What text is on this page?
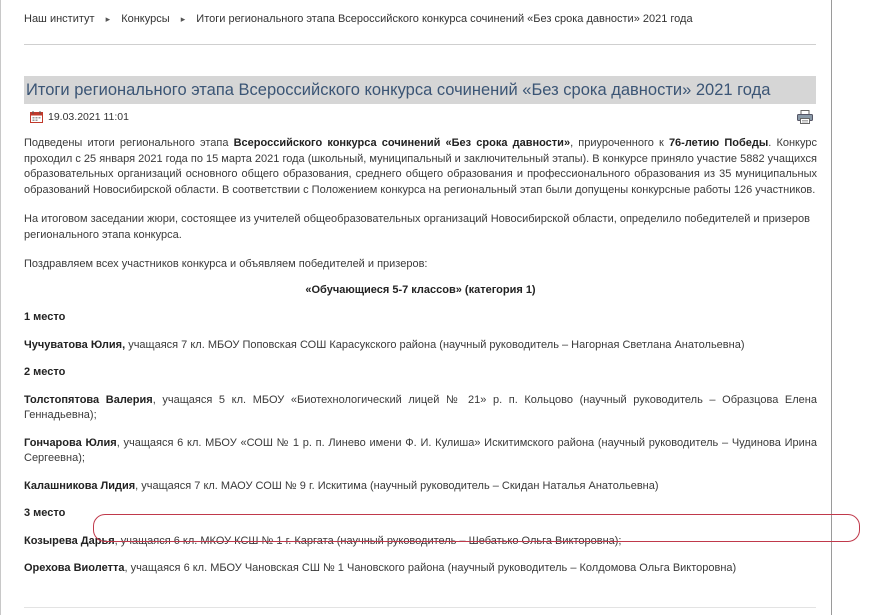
Наш институт ▸ Конкурсы ▸ Итоги регионального этапа Всероссийского конкурса сочинений «Без срока давности» 2021 года
Итоги регионального этапа Всероссийского конкурса сочинений «Без срока давности» 2021 года
19.03.2021 11:01

Подведены итоги регионального этапа Всероссийского конкурса сочинений «Без срока давности», приуроченного к 76-летию Победы. Конкурс проходил с 25 января 2021 года по 15 марта 2021 года (школьный, муниципальный и заключительный этапы). В конкурсе приняло участие 5882 учащихся образовательных организаций основного общего образования, среднего общего образования и профессионального образования из 35 муниципальных образований Новосибирской области. В соответствии с Положением конкурса на региональный этап были допущены конкурсные работы 126 участников.

На итоговом заседании жюри, состоящее из учителей общеобразовательных организаций Новосибирской области, определило победителей и призеров регионального этапа конкурса.

Поздравляем всех участников конкурса и объявляем победителей и призеров:

«Обучающиеся 5-7 классов» (категория 1)

1 место

Чучуватова Юлия, учащаяся 7 кл. МБОУ Поповская СОШ Карасукского района (научный руководитель – Нагорная Светлана Анатольевна)

2 место

Толстопятова Валерия, учащаяся 5 кл. МБОУ «Биотехнологический лицей № 21» р. п. Кольцово (научный руководитель – Образцова Елена Геннадьевна);

Гончарова Юлия, учащаяся 6 кл. МБОУ «СОШ № 1 р. п. Линево имени Ф. И. Кулиша» Искитимского района (научный руководитель – Чудинова Ирина Сергеевна);

Калашникова Лидия, учащаяся 7 кл. МАОУ СОШ № 9 г. Искитима (научный руководитель – Скидан Наталья Анатольевна)

3 место

Козырева Дарья, учащаяся 6 кл. МКОУ КСШ № 1 г. Каргата (научный руководитель – Шебатько Ольга Викторовна);

Орехова Виолетта, учащаяся 6 кл. МБОУ Чановская СШ № 1 Чановского района (научный руководитель – Колдомова Ольга Викторовна)
